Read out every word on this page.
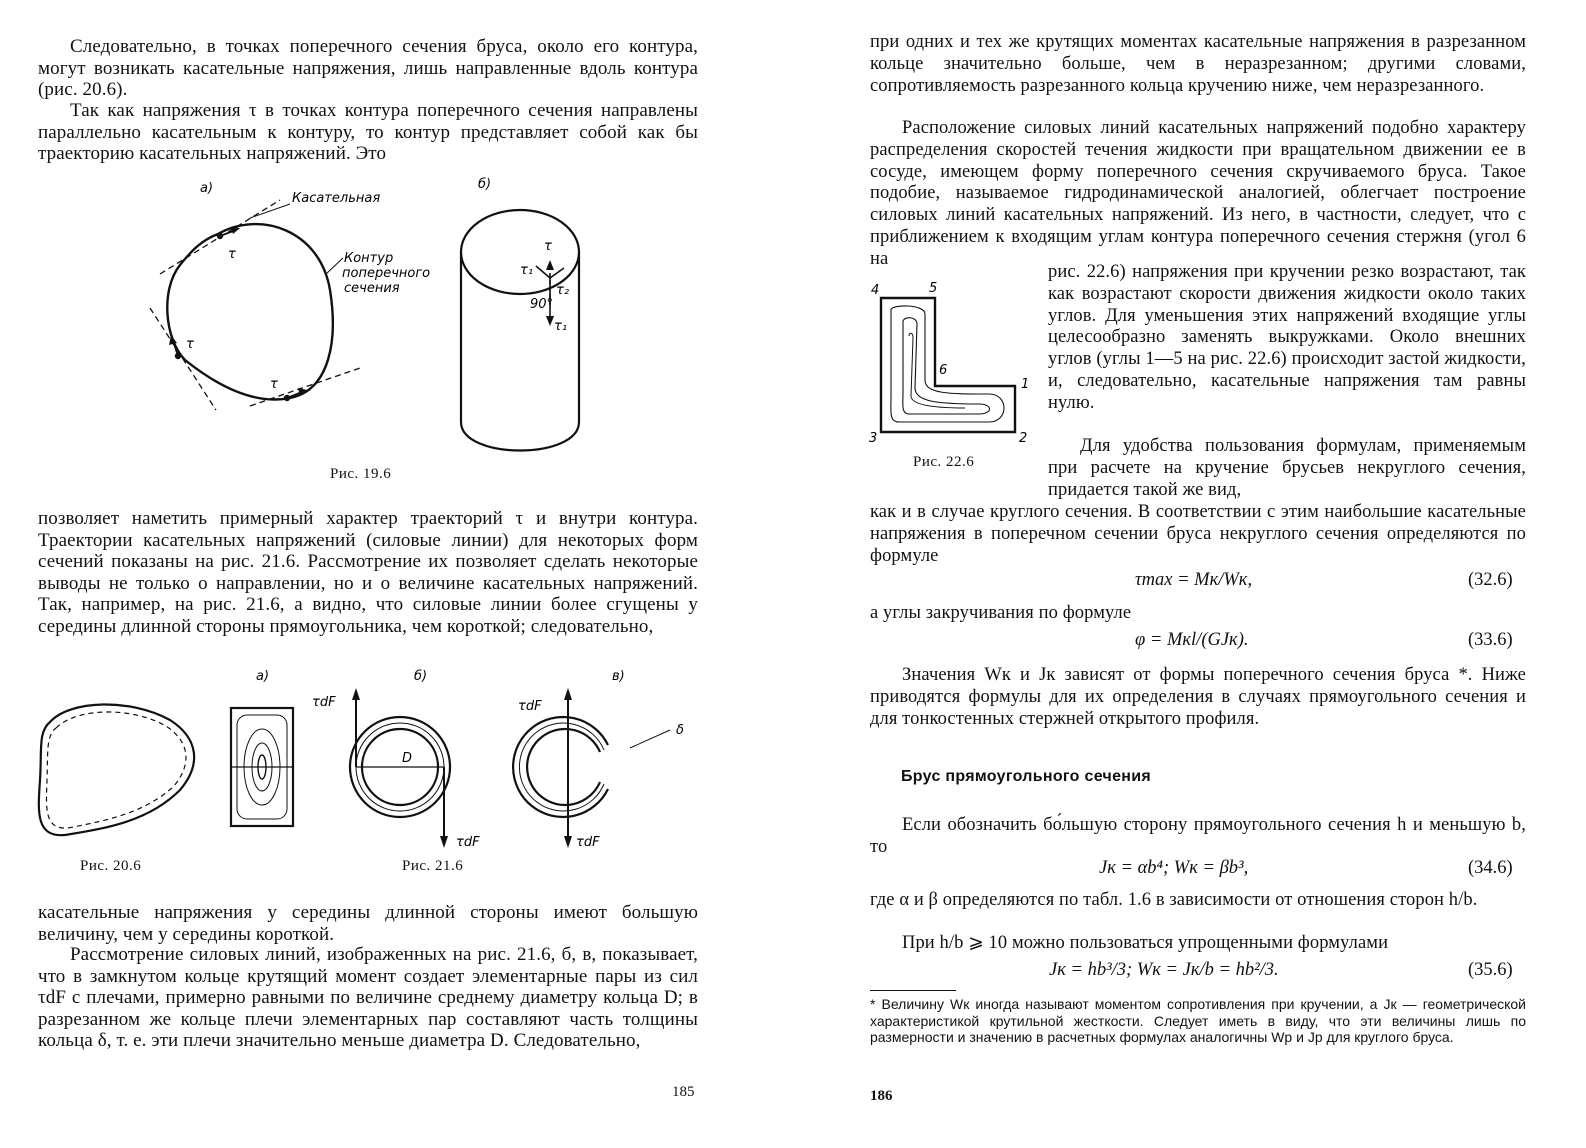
Следовательно, в точках поперечного сечения бруса, около его контура, могут возникать касательные напряжения, лишь направленные вдоль контура (рис. 20.6).

Так как напряжения τ в точках контура поперечного сечения направлены параллельно касательным к контуру, то контур представляет собой как бы траекторию касательных напряжений. Это

а)	б)
Касательная
Контур поперечного сечения
τ
τ
τ
τ
τ₁
τ₂
90°
τ₁
Рис. 19.6

позволяет наметить примерный характер траекторий τ и внутри контура. Траектории касательных напряжений (силовые линии) для некоторых форм сечений показаны на рис. 21.6. Рассмотрение их позволяет сделать некоторые выводы не только о направлении, но и о величине касательных напряжений. Так, например, на рис. 21.6, а видно, что силовые линии более сгущены у середины длинной стороны прямоугольника, чем короткой; следовательно,

а)	б)	в)
τdF
τdF
τdF
τdF
D
δ
Рис. 20.6	Рис. 21.6

касательные напряжения у середины длинной стороны имеют большую величину, чем у середины короткой.

Рассмотрение силовых линий, изображенных на рис. 21.6, б, в, показывает, что в замкнутом кольце крутящий момент создает элементарные пары из сил τdF с плечами, примерно равными по величине среднему диаметру кольца D; в разрезанном же кольце плечи элементарных пар составляют часть толщины кольца δ, т. е. эти плечи значительно меньше диаметра D. Следовательно,

185

при одних и тех же крутящих моментах касательные напряжения в разрезанном кольце значительно больше, чем в неразрезанном; другими словами, сопротивляемость разрезанного кольца кручению ниже, чем неразрезанного.

Расположение силовых линий касательных напряжений подобно характеру распределения скоростей течения жидкости при вращательном движении ее в сосуде, имеющем форму поперечного сечения скручиваемого бруса. Такое подобие, называемое гидродинамической аналогией, облегчает построение силовых линий касательных напряжений. Из него, в частности, следует, что с приближением к входящим углам контура поперечного сечения стержня (угол 6 на

рис. 22.6) напряжения при кручении резко возрастают, так как возрастают скорости движения жидкости около таких углов. Для уменьшения этих напряжений входящие углы целесообразно заменять выкружками. Около внешних углов (углы 1—5 на рис. 22.6) происходит застой жидкости, и, следовательно, касательные напряжения там равны нулю.

Для удобства пользования формулам, применяемым при расчете на кручение брусьев некруглого сечения, придается такой же вид,

как и в случае круглого сечения. В соответствии с этим наибольшие касательные напряжения в поперечном сечении бруса некруглого сечения определяются по формуле

4	5
6
1
2
3
Рис. 22.6
τmax = Mк/Wк,	(32.6)

а углы закручивания по формуле

φ = Mкl/(GJк).	(33.6)

Значения Wк и Jк зависят от формы поперечного сечения бруса *. Ниже приводятся формулы для их определения в случаях прямоугольного сечения и для тонкостенных стержней открытого профиля.

Брус прямоугольного сечения

Если обозначить бо́льшую сторону прямоугольного сечения h и меньшую b, то

Jк = αb⁴; Wк = βb³,	(34.6)

где α и β определяются по табл. 1.6 в зависимости от отношения сторон h/b.

При h/b ⩾ 10 можно пользоваться упрощенными формулами

Jк = hb³/3; Wк = Jк/b = hb²/3.	(35.6)

* Величину Wк иногда называют моментом сопротивления при кручении, а Jк — геометрической характеристикой крутильной жесткости. Следует иметь в виду, что эти величины лишь по размерности и значению в расчетных формулах аналогичны Wp и Jp для круглого бруса.

186
